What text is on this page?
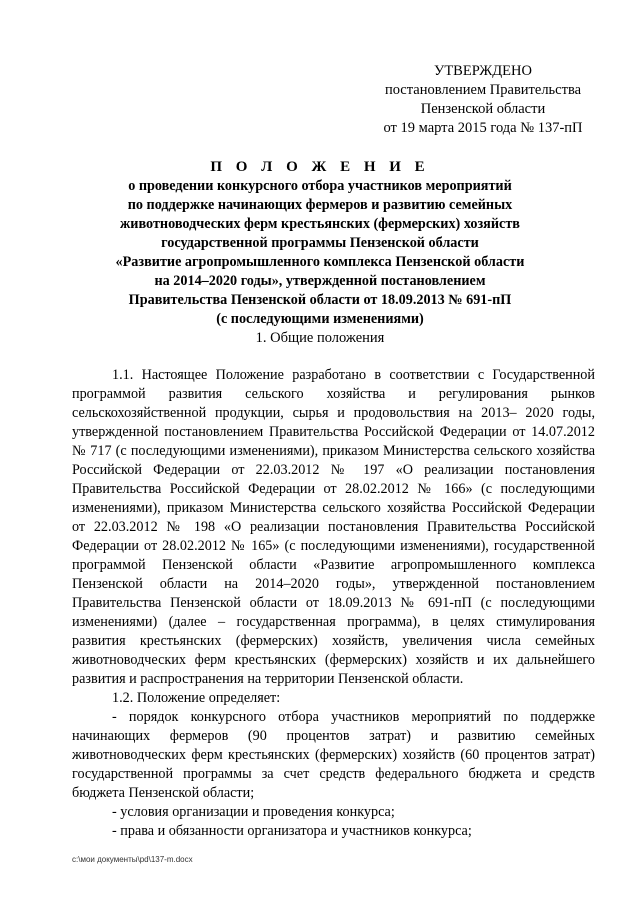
УТВЕРЖДЕНО
постановлением Правительства
Пензенской области
от 19 марта 2015 года № 137-пП
П О Л О Ж Е Н И Е
о проведении конкурсного отбора участников мероприятий
по поддержке начинающих фермеров и развитию семейных
животноводческих ферм крестьянских (фермерских) хозяйств
государственной программы Пензенской области
«Развитие агропромышленного комплекса Пензенской области
на 2014–2020 годы», утвержденной постановлением
Правительства Пензенской области от 18.09.2013 № 691-пП
(с последующими изменениями)
1. Общие положения

1.1. Настоящее Положение разработано в соответствии с Государственной программой развития сельского хозяйства и регулирования рынков сельскохозяйственной продукции, сырья и продовольствия на 2013– 2020 годы, утвержденной постановлением Правительства Российской Федерации от 14.07.2012 № 717 (с последующими изменениями), приказом Министерства сельского хозяйства Российской Федерации от 22.03.2012 № 197 «О реализации постановления Правительства Российской Федерации от 28.02.2012 № 166» (с последующими изменениями), приказом Министерства сельского хозяйства Российской Федерации от 22.03.2012 № 198 «О реализации постановления Правительства Российской Федерации от 28.02.2012 № 165» (с последующими изменениями), государственной программой Пензенской области «Развитие агропромышленного комплекса Пензенской области на 2014–2020 годы», утвержденной постановлением Правительства Пензенской области от 18.09.2013 № 691-пП (с последующими изменениями) (далее – государственная программа), в целях стимулирования развития крестьянских (фермерских) хозяйств, увеличения числа семейных животноводческих ферм крестьянских (фермерских) хозяйств и их дальнейшего развития и распространения на территории Пензенской области.

1.2. Положение определяет:

- порядок конкурсного отбора участников мероприятий по поддержке начинающих фермеров (90 процентов затрат) и развитию семейных животноводческих ферм крестьянских (фермерских) хозяйств (60 процентов затрат) государственной программы за счет средств федерального бюджета и средств бюджета Пензенской области;

- условия организации и проведения конкурса;

- права и обязанности организатора и участников конкурса;

c:\мои документы\pd\137-m.docx
